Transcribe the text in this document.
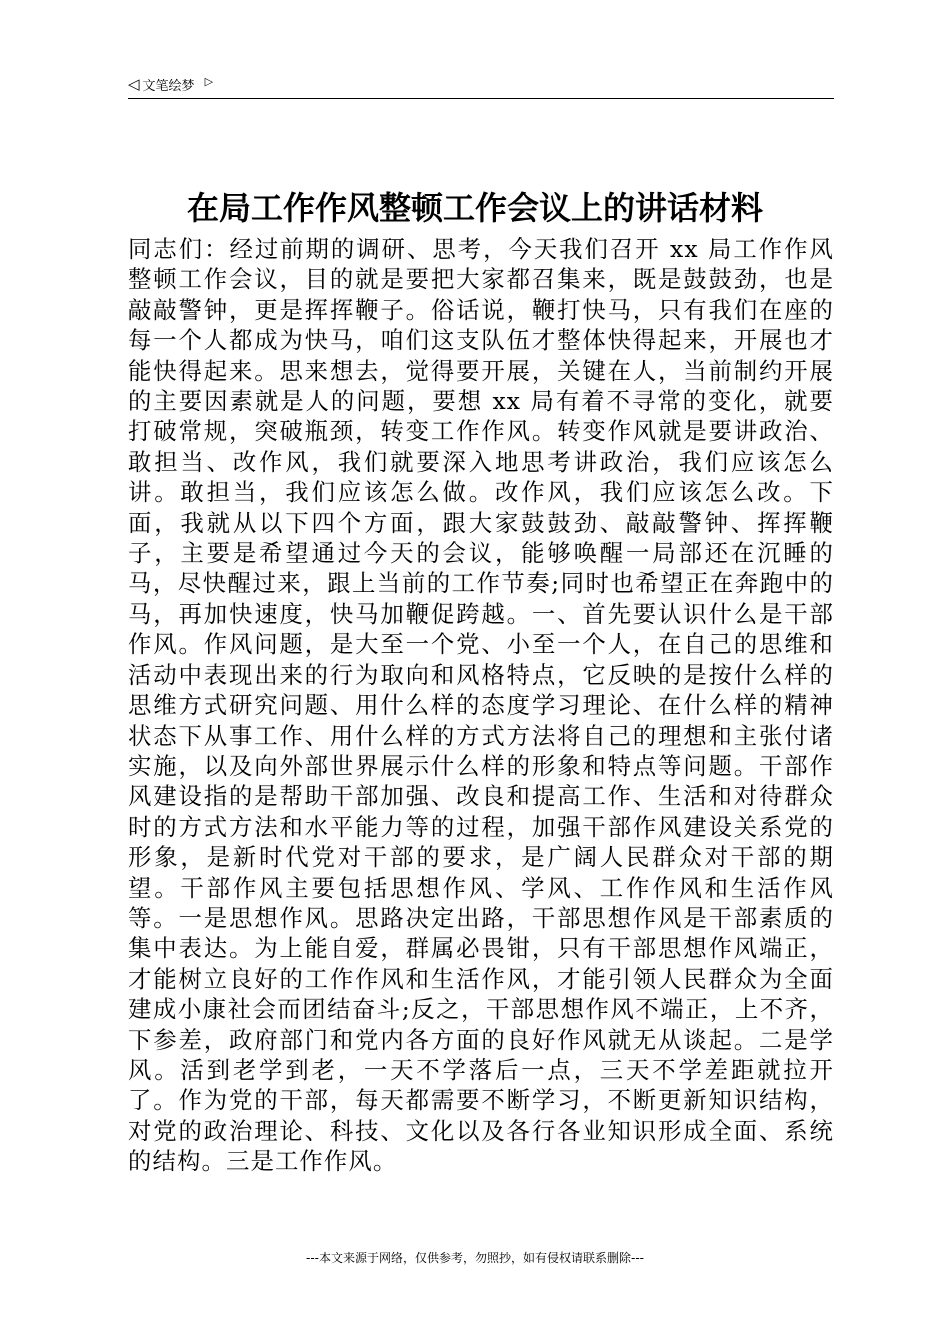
◁ 文笔绘梦 ▷
在局工作作风整顿工作会议上的讲话材料

同志们：经过前期的调研、思考，今天我们召开 xx 局工作作风整顿工作会议，目的就是要把大家都召集来，既是鼓鼓劲，也是敲敲警钟，更是挥挥鞭子。俗话说，鞭打快马，只有我们在座的每一个人都成为快马，咱们这支队伍才整体快得起来，开展也才能快得起来。思来想去，觉得要开展，关键在人，当前制约开展的主要因素就是人的问题，要想 xx 局有着不寻常的变化，就要打破常规，突破瓶颈，转变工作作风。转变作风就是要讲政治、敢担当、改作风，我们就要深入地思考讲政治，我们应该怎么讲。敢担当，我们应该怎么做。改作风，我们应该怎么改。下面，我就从以下四个方面，跟大家鼓鼓劲、敲敲警钟、挥挥鞭子，主要是希望通过今天的会议，能够唤醒一局部还在沉睡的马，尽快醒过来，跟上当前的工作节奏;同时也希望正在奔跑中的马，再加快速度，快马加鞭促跨越。一、首先要认识什么是干部作风。作风问题，是大至一个党、小至一个人，在自己的思维和活动中表现出来的行为取向和风格特点，它反映的是按什么样的思维方式研究问题、用什么样的态度学习理论、在什么样的精神状态下从事工作、用什么样的方式方法将自己的理想和主张付诸实施，以及向外部世界展示什么样的形象和特点等问题。干部作风建设指的是帮助干部加强、改良和提高工作、生活和对待群众时的方式方法和水平能力等的过程，加强干部作风建设关系党的形象，是新时代党对干部的要求，是广阔人民群众对干部的期望。干部作风主要包括思想作风、学风、工作作风和生活作风等。一是思想作风。思路决定出路，干部思想作风是干部素质的集中表达。为上能自爱，群属必畏钳，只有干部思想作风端正，才能树立良好的工作作风和生活作风，才能引领人民群众为全面建成小康社会而团结奋斗;反之，干部思想作风不端正，上不齐，下参差，政府部门和党内各方面的良好作风就无从谈起。二是学风。活到老学到老，一天不学落后一点，三天不学差距就拉开了。作为党的干部，每天都需要不断学习，不断更新知识结构，对党的政治理论、科技、文化以及各行各业知识形成全面、系统的结构。三是工作作风。

---本文来源于网络，仅供参考，勿照抄，如有侵权请联系删除---
